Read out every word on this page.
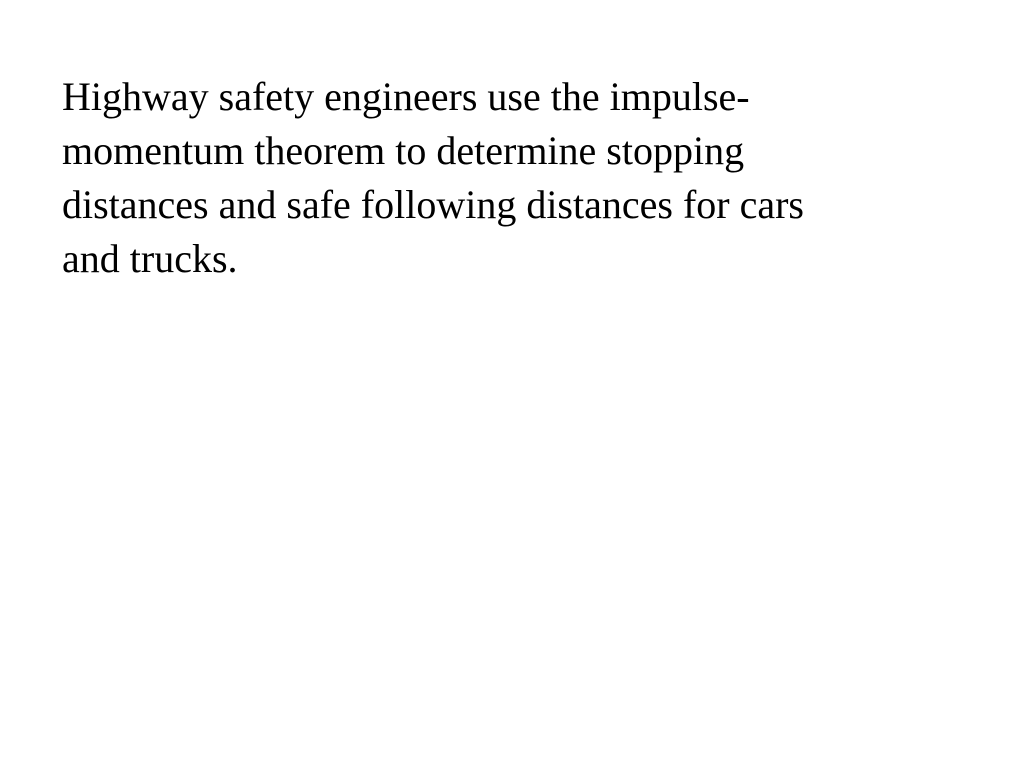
Highway safety engineers use the impulse-
momentum theorem to determine stopping
distances and safe following distances for cars
and trucks.
